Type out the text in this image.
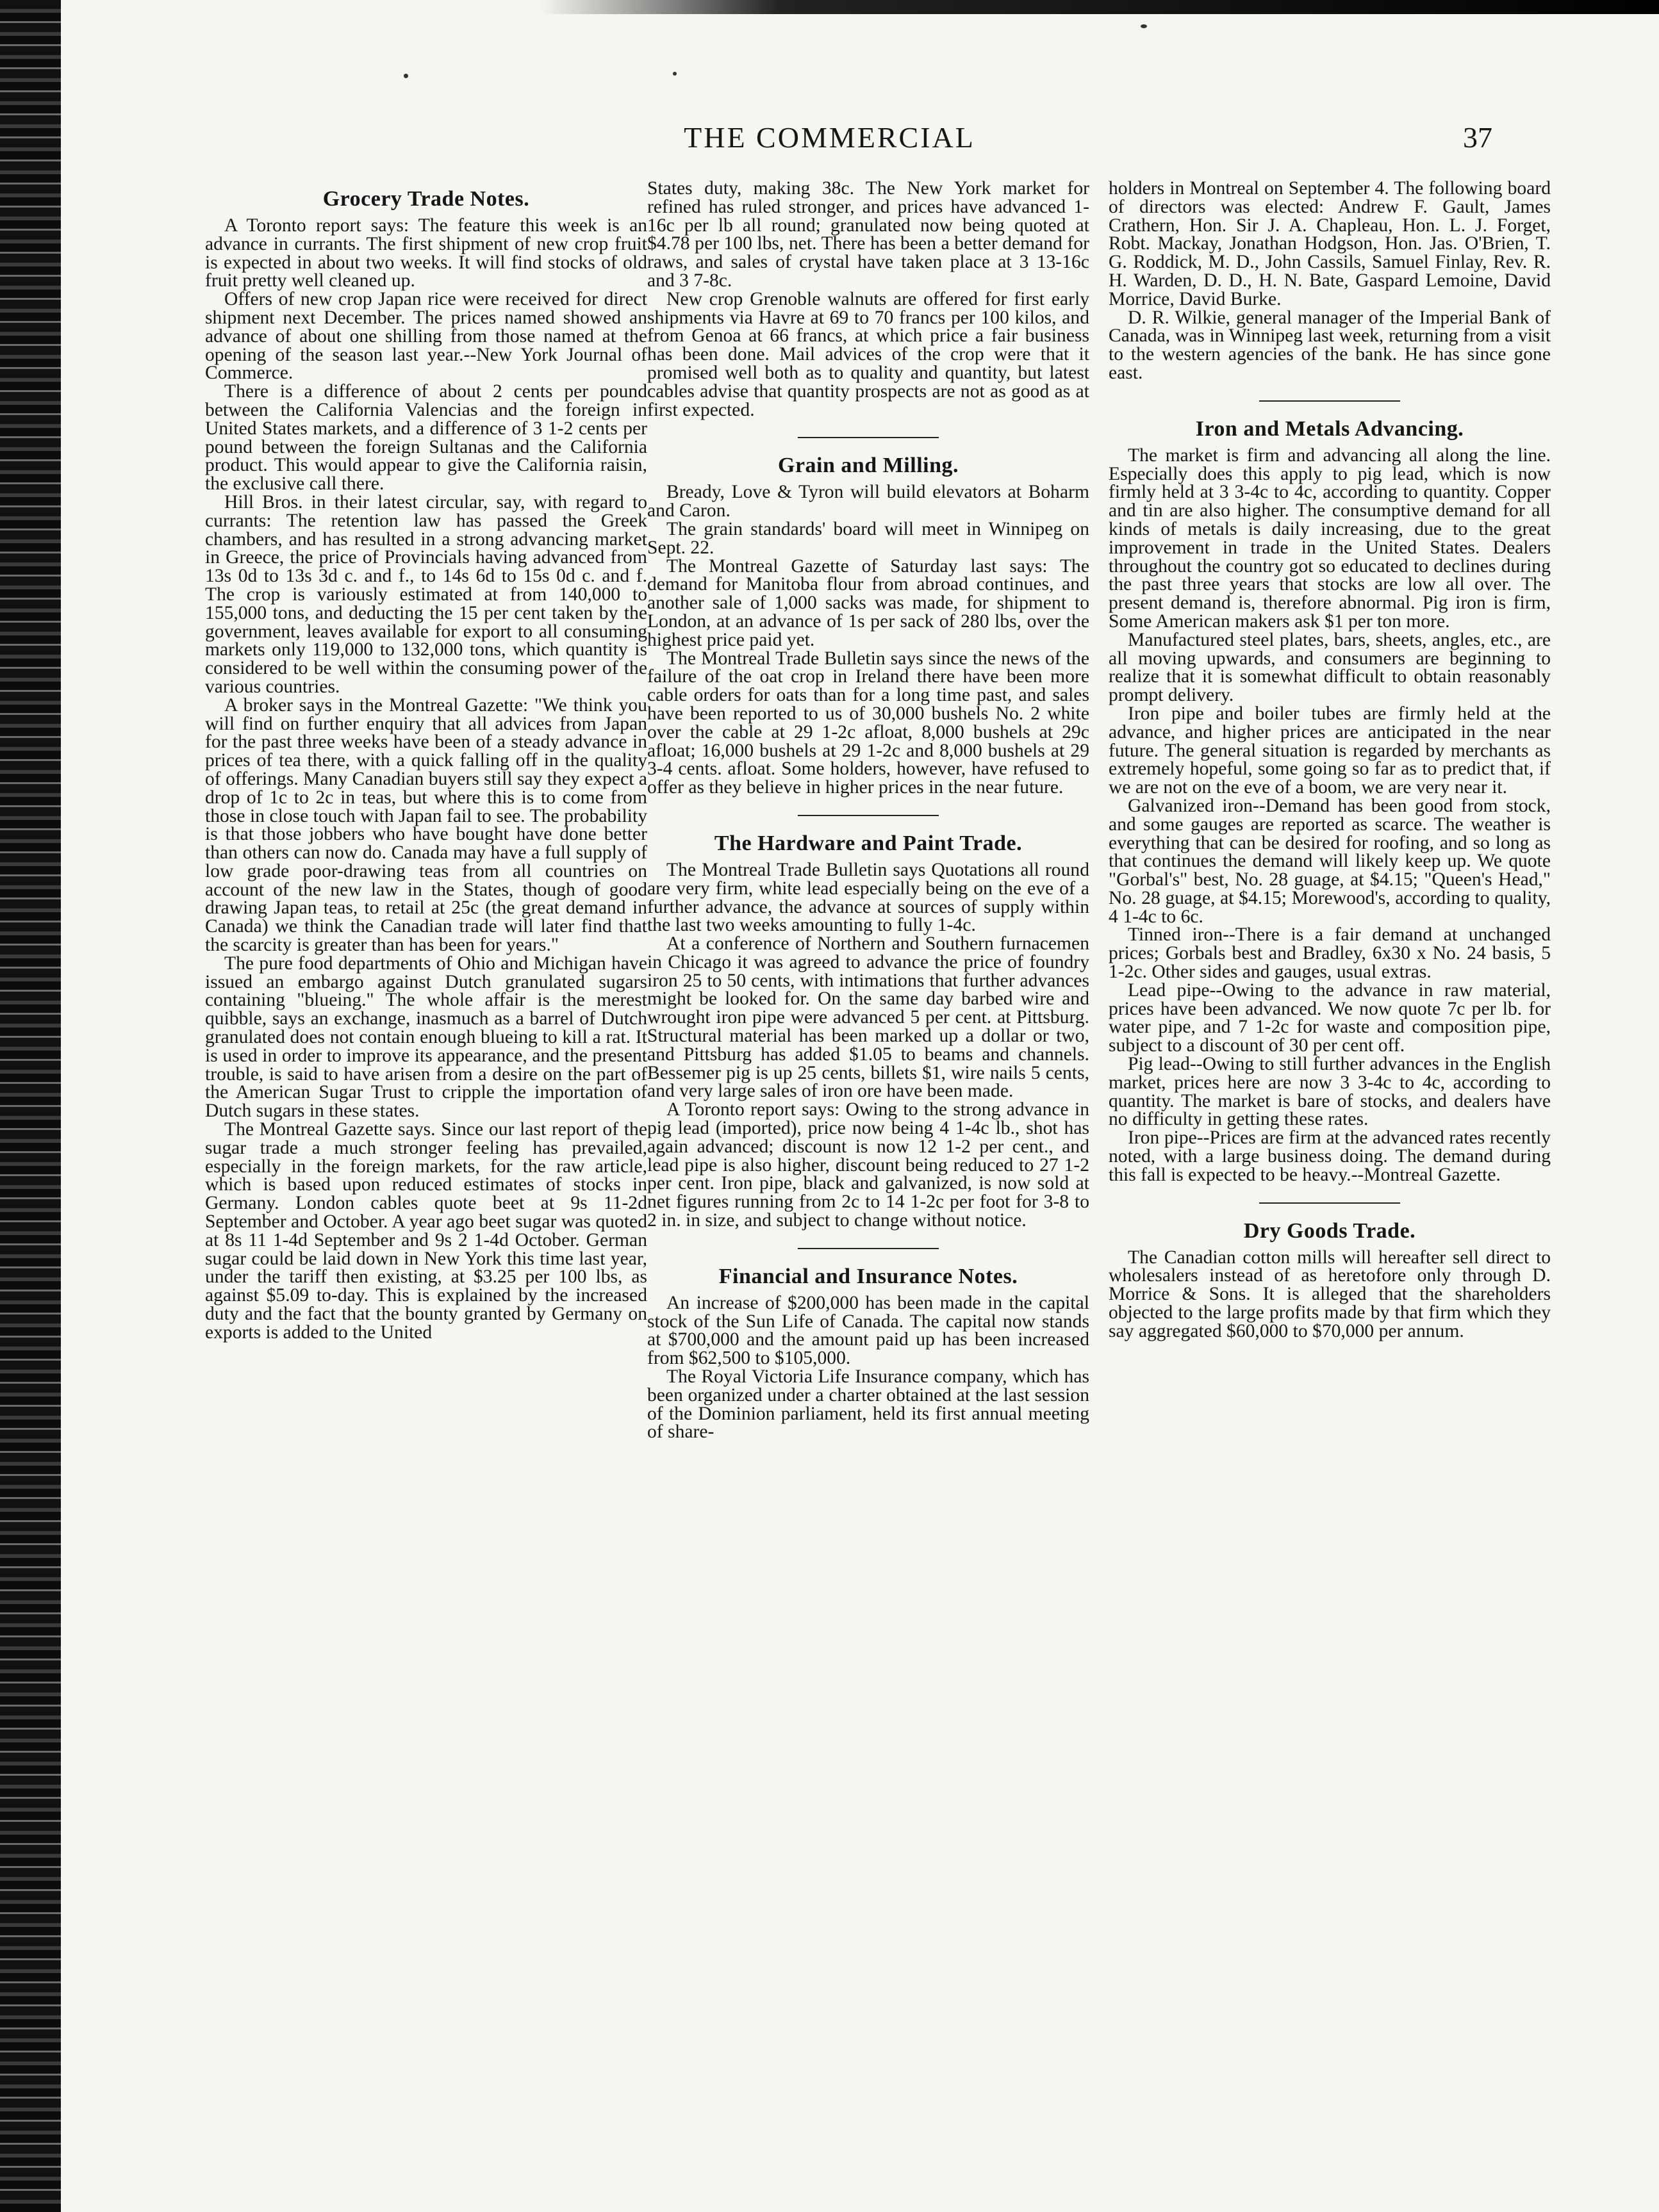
THE COMMERCIAL	37
Grocery Trade Notes.

A Toronto report says: The feature this week is an advance in currants. The first shipment of new crop fruit is expected in about two weeks. It will find stocks of old fruit pretty well cleaned up.

Offers of new crop Japan rice were received for direct shipment next December. The prices named showed an advance of about one shilling from those named at the opening of the season last year.--New York Journal of Commerce.

There is a difference of about 2 cents per pound between the California Valencias and the foreign in United States markets, and a difference of 3 1-2 cents per pound between the foreign Sultanas and the California product. This would appear to give the California raisin, the exclusive call there.

Hill Bros. in their latest circular, say, with regard to currants: The retention law has passed the Greek chambers, and has resulted in a strong advancing market in Greece, the price of Provincials having advanced from 13s 0d to 13s 3d c. and f., to 14s 6d to 15s 0d c. and f. The crop is variously estimated at from 140,000 to 155,000 tons, and deducting the 15 per cent taken by the government, leaves available for export to all consuming markets only 119,000 to 132,000 tons, which quantity is considered to be well within the consuming power of the various countries.

A broker says in the Montreal Gazette: "We think you will find on further enquiry that all advices from Japan for the past three weeks have been of a steady advance in prices of tea there, with a quick falling off in the quality of offerings. Many Canadian buyers still say they expect a drop of 1c to 2c in teas, but where this is to come from those in close touch with Japan fail to see. The probability is that those jobbers who have bought have done better than others can now do. Canada may have a full supply of low grade poor-drawing teas from all countries on account of the new law in the States, though of good drawing Japan teas, to retail at 25c (the great demand in Canada) we think the Canadian trade will later find that the scarcity is greater than has been for years."

The pure food departments of Ohio and Michigan have issued an embargo against Dutch granulated sugars containing "blueing." The whole affair is the merest quibble, says an exchange, inasmuch as a barrel of Dutch granulated does not contain enough blueing to kill a rat. It is used in order to improve its appearance, and the present trouble, is said to have arisen from a desire on the part of the American Sugar Trust to cripple the importation of Dutch sugars in these states.

The Montreal Gazette says. Since our last report of the sugar trade a much stronger feeling has prevailed, especially in the foreign markets, for the raw article, which is based upon reduced estimates of stocks in Germany. London cables quote beet at 9s 11-2d September and October. A year ago beet sugar was quoted at 8s 11 1-4d September and 9s 2 1-4d October. German sugar could be laid down in New York this time last year, under the tariff then existing, at $3.25 per 100 lbs, as against $5.09 to-day. This is explained by the increased duty and the fact that the bounty granted by Germany on exports is added to the United

States duty, making 38c. The New York market for refined has ruled stronger, and prices have advanced 1-16c per lb all round; granulated now being quoted at $4.78 per 100 lbs, net. There has been a better demand for raws, and sales of crystal have taken place at 3 13-16c and 3 7-8c.

New crop Grenoble walnuts are offered for first early shipments via Havre at 69 to 70 francs per 100 kilos, and from Genoa at 66 francs, at which price a fair business has been done. Mail advices of the crop were that it promised well both as to quality and quantity, but latest cables advise that quantity prospects are not as good as at first expected.

Grain and Milling.

Bready, Love & Tyron will build elevators at Boharm and Caron.

The grain standards' board will meet in Winnipeg on Sept. 22.

The Montreal Gazette of Saturday last says: The demand for Manitoba flour from abroad continues, and another sale of 1,000 sacks was made, for shipment to London, at an advance of 1s per sack of 280 lbs, over the highest price paid yet.

The Montreal Trade Bulletin says since the news of the failure of the oat crop in Ireland there have been more cable orders for oats than for a long time past, and sales have been reported to us of 30,000 bushels No. 2 white over the cable at 29 1-2c afloat, 8,000 bushels at 29c afloat; 16,000 bushels at 29 1-2c and 8,000 bushels at 29 3-4 cents. afloat. Some holders, however, have refused to offer as they believe in higher prices in the near future.

The Hardware and Paint Trade.

The Montreal Trade Bulletin says Quotations all round are very firm, white lead especially being on the eve of a further advance, the advance at sources of supply within the last two weeks amounting to fully 1-4c.

At a conference of Northern and Southern furnacemen in Chicago it was agreed to advance the price of foundry iron 25 to 50 cents, with intimations that further advances might be looked for. On the same day barbed wire and wrought iron pipe were advanced 5 per cent. at Pittsburg. Structural material has been marked up a dollar or two, and Pittsburg has added $1.05 to beams and channels. Bessemer pig is up 25 cents, billets $1, wire nails 5 cents, and very large sales of iron ore have been made.

A Toronto report says: Owing to the strong advance in pig lead (imported), price now being 4 1-4c lb., shot has again advanced; discount is now 12 1-2 per cent., and lead pipe is also higher, discount being reduced to 27 1-2 per cent. Iron pipe, black and galvanized, is now sold at net figures running from 2c to 14 1-2c per foot for 3-8 to 2 in. in size, and subject to change without notice.

Financial and Insurance Notes.

An increase of $200,000 has been made in the capital stock of the Sun Life of Canada. The capital now stands at $700,000 and the amount paid up has been increased from $62,500 to $105,000.

The Royal Victoria Life Insurance company, which has been organized under a charter obtained at the last session of the Dominion parliament, held its first annual meeting of share-

holders in Montreal on September 4. The following board of directors was elected: Andrew F. Gault, James Crathern, Hon. Sir J. A. Chapleau, Hon. L. J. Forget, Robt. Mackay, Jonathan Hodgson, Hon. Jas. O'Brien, T. G. Roddick, M. D., John Cassils, Samuel Finlay, Rev. R. H. Warden, D. D., H. N. Bate, Gaspard Lemoine, David Morrice, David Burke.

D. R. Wilkie, general manager of the Imperial Bank of Canada, was in Winnipeg last week, returning from a visit to the western agencies of the bank. He has since gone east.

Iron and Metals Advancing.

The market is firm and advancing all along the line. Especially does this apply to pig lead, which is now firmly held at 3 3-4c to 4c, according to quantity. Copper and tin are also higher. The consumptive demand for all kinds of metals is daily increasing, due to the great improvement in trade in the United States. Dealers throughout the country got so educated to declines during the past three years that stocks are low all over. The present demand is, therefore abnormal. Pig iron is firm, Some American makers ask $1 per ton more.

Manufactured steel plates, bars, sheets, angles, etc., are all moving upwards, and consumers are beginning to realize that it is somewhat difficult to obtain reasonably prompt delivery.

Iron pipe and boiler tubes are firmly held at the advance, and higher prices are anticipated in the near future. The general situation is regarded by merchants as extremely hopeful, some going so far as to predict that, if we are not on the eve of a boom, we are very near it.

Galvanized iron--Demand has been good from stock, and some gauges are reported as scarce. The weather is everything that can be desired for roofing, and so long as that continues the demand will likely keep up. We quote "Gorbal's" best, No. 28 guage, at $4.15; "Queen's Head," No. 28 guage, at $4.15; Morewood's, according to quality, 4 1-4c to 6c.

Tinned iron--There is a fair demand at unchanged prices; Gorbals best and Bradley, 6x30 x No. 24 basis, 5 1-2c. Other sides and gauges, usual extras.

Lead pipe--Owing to the advance in raw material, prices have been advanced. We now quote 7c per lb. for water pipe, and 7 1-2c for waste and composition pipe, subject to a discount of 30 per cent off.

Pig lead--Owing to still further advances in the English market, prices here are now 3 3-4c to 4c, according to quantity. The market is bare of stocks, and dealers have no difficulty in getting these rates.

Iron pipe--Prices are firm at the advanced rates recently noted, with a large business doing. The demand during this fall is expected to be heavy.--Montreal Gazette.

Dry Goods Trade.

The Canadian cotton mills will hereafter sell direct to wholesalers instead of as heretofore only through D. Morrice & Sons. It is alleged that the shareholders objected to the large profits made by that firm which they say aggregated $60,000 to $70,000 per annum.
